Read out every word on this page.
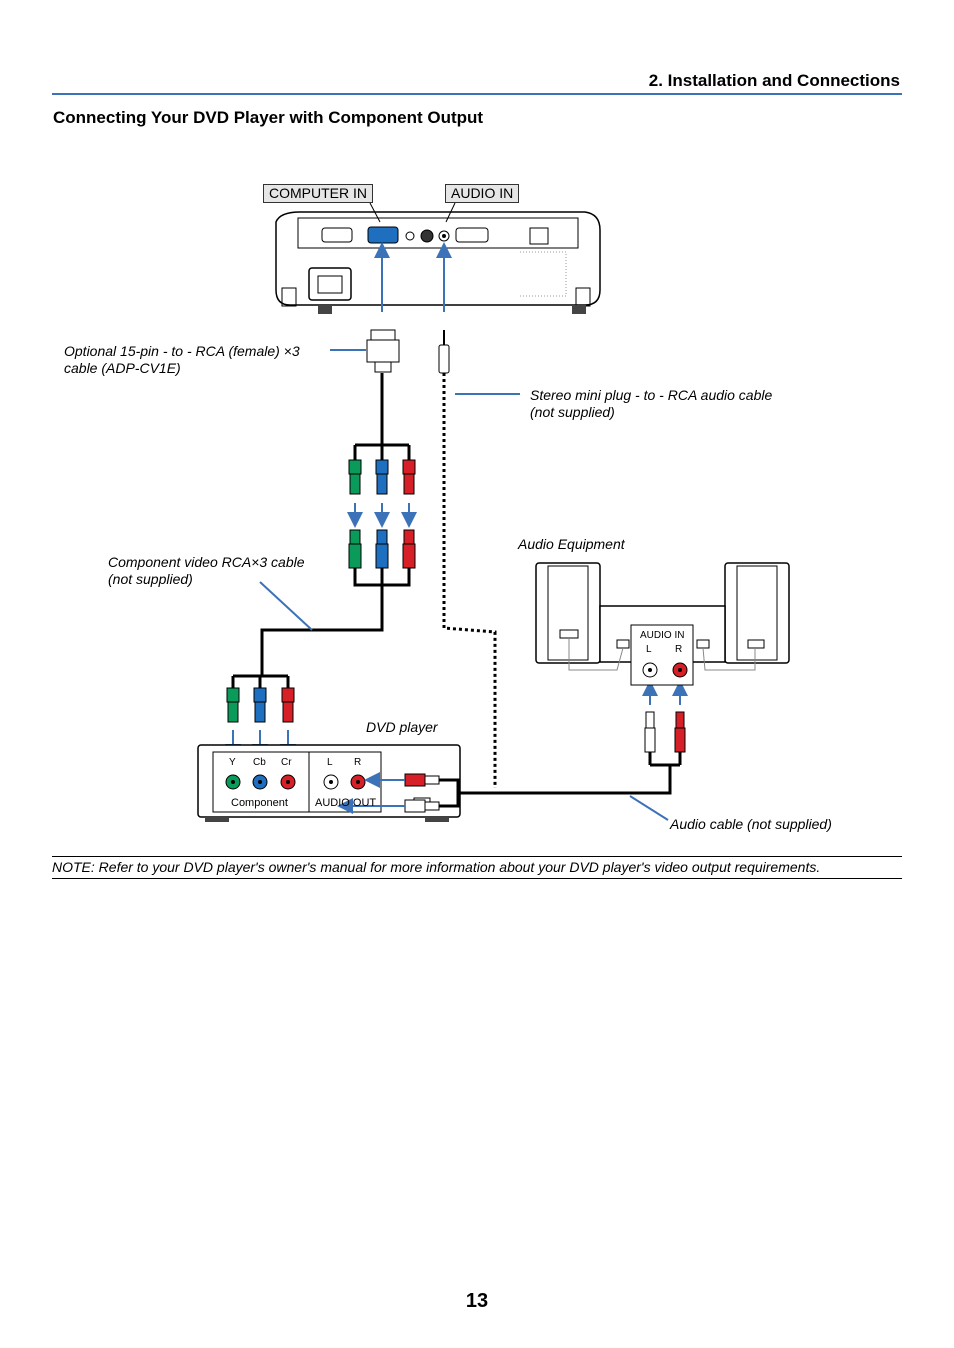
2. Installation and Connections
Connecting Your DVD Player with Component Output
COMPUTER IN	AUDIO IN
Optional 15-pin - to - RCA (female) ×3
cable (ADP-CV1E)
Stereo mini plug - to - RCA audio cable
(not supplied)
Audio Equipment
Component video RCA×3 cable
(not supplied)
DVD player
Audio cable (not supplied)
Y Cb Cr
Component
L R
AUDIO OUT
AUDIO IN
L R
NOTE: Refer to your DVD player's owner's manual for more information about your DVD player's video output requirements.
13
